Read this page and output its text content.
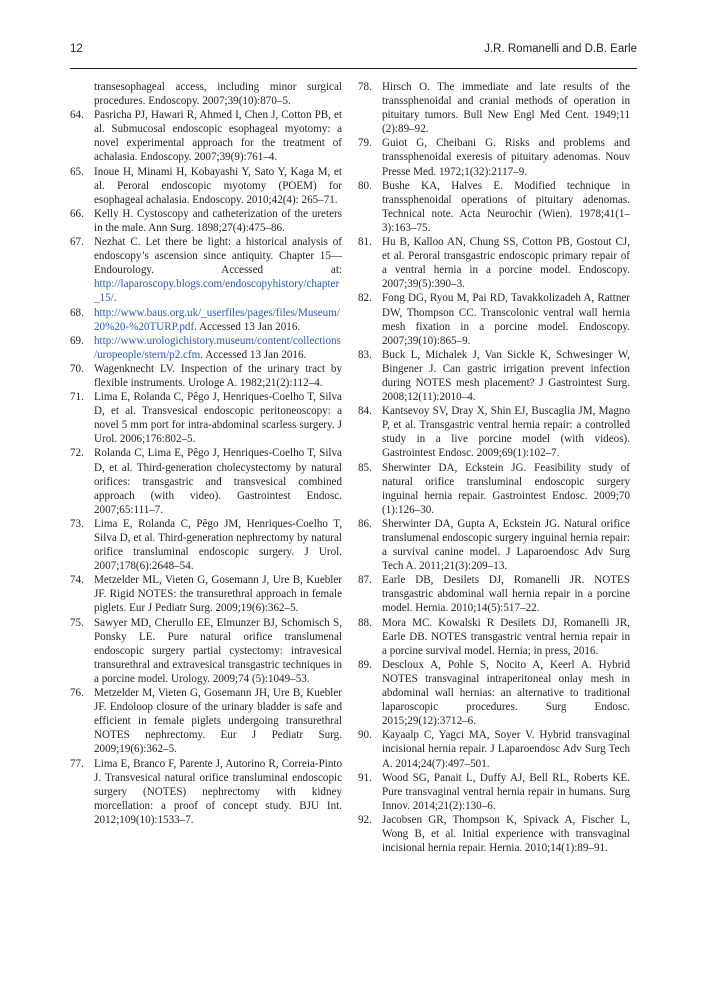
12	J.R. Romanelli and D.B. Earle
transesophageal access, including minor surgical procedures. Endoscopy. 2007;39(10):870–5.
64. Pasricha PJ, Hawari R, Ahmed I, Chen J, Cotton PB, et al. Submucosal endoscopic esophageal myotomy: a novel experimental approach for the treatment of achalasia. Endoscopy. 2007;39(9):761–4.
65. Inoue H, Minami H, Kobayashi Y, Sato Y, Kaga M, et al. Peroral endoscopic myotomy (POEM) for esophageal achalasia. Endoscopy. 2010;42(4): 265–71.
66. Kelly H. Cystoscopy and catheterization of the ureters in the male. Ann Surg. 1898;27(4):475–86.
67. Nezhat C. Let there be light: a historical analysis of endoscopy’s ascension since antiquity. Chapter 15—Endourology. Accessed at: http://laparoscopy.blogs.com/endoscopyhistory/chapter_15/.
68. http://www.baus.org.uk/_userfiles/pages/files/Museum/20%20-%20TURP.pdf. Accessed 13 Jan 2016.
69. http://www.urologichistory.museum/content/collections/uropeople/stern/p2.cfm. Accessed 13 Jan 2016.
70. Wagenknecht LV. Inspection of the urinary tract by flexible instruments. Urologe A. 1982;21(2):112–4.
71. Lima E, Rolanda C, Pêgo J, Henriques-Coelho T, Silva D, et al. Transvesical endoscopic peritoneoscopy: a novel 5 mm port for intra-abdominal scarless surgery. J Urol. 2006;176:802–5.
72. Rolanda C, Lima E, Pêgo J, Henriques-Coelho T, Silva D, et al. Third-generation cholecystectomy by natural orifices: transgastric and transvesical combined approach (with video). Gastrointest Endosc. 2007;65:111–7.
73. Lima E, Rolanda C, Pêgo JM, Henriques-Coelho T, Silva D, et al. Third-generation nephrectomy by natural orifice transluminal endoscopic surgery. J Urol. 2007;178(6):2648–54.
74. Metzelder ML, Vieten G, Gosemann J, Ure B, Kuebler JF. Rigid NOTES: the transurethral approach in female piglets. Eur J Pediatr Surg. 2009;19(6):362–5.
75. Sawyer MD, Cherullo EE, Elmunzer BJ, Schomisch S, Ponsky LE. Pure natural orifice translumenal endoscopic surgery partial cystectomy: intravesical transurethral and extravesical transgastric techniques in a porcine model. Urology. 2009;74 (5):1049–53.
76. Metzelder M, Vieten G, Gosemann JH, Ure B, Kuebler JF. Endoloop closure of the urinary bladder is safe and efficient in female piglets undergoing transurethral NOTES nephrectomy. Eur J Pediatr Surg. 2009;19(6):362–5.
77. Lima E, Branco F, Parente J, Autorino R, Correia-Pinto J. Transvesical natural orifice transluminal endoscopic surgery (NOTES) nephrectomy with kidney morcellation: a proof of concept study. BJU Int. 2012;109(10):1533–7.
78. Hirsch O. The immediate and late results of the transsphenoidal and cranial methods of operation in pituitary tumors. Bull New Engl Med Cent. 1949;11 (2):89–92.
79. Guiot G, Cheibani G. Risks and problems and transsphenoidal exeresis of pituitary adenomas. Nouv Presse Med. 1972;1(32):2117–9.
80. Bushe KA, Halves E. Modified technique in transsphenoidal operations of pituitary adenomas. Technical note. Acta Neurochir (Wien). 1978;41(1–3):163–75.
81. Hu B, Kalloo AN, Chung SS, Cotton PB, Gostout CJ, et al. Peroral transgastric endoscopic primary repair of a ventral hernia in a porcine model. Endoscopy. 2007;39(5):390–3.
82. Fong DG, Ryou M, Pai RD, Tavakkolizadeh A, Rattner DW, Thompson CC. Transcolonic ventral wall hernia mesh fixation in a porcine model. Endoscopy. 2007;39(10):865–9.
83. Buck L, Michalek J, Van Sickle K, Schwesinger W, Bingener J. Can gastric irrigation prevent infection during NOTES mesh placement? J Gastrointest Surg. 2008;12(11):2010–4.
84. Kantsevoy SV, Dray X, Shin EJ, Buscaglia JM, Magno P, et al. Transgastric ventral hernia repair: a controlled study in a live porcine model (with videos). Gastrointest Endosc. 2009;69(1):102–7.
85. Sherwinter DA, Eckstein JG. Feasibility study of natural orifice transluminal endoscopic surgery inguinal hernia repair. Gastrointest Endosc. 2009;70 (1):126–30.
86. Sherwinter DA, Gupta A, Eckstein JG. Natural orifice translumenal endoscopic surgery inguinal hernia repair: a survival canine model. J Laparoendosc Adv Surg Tech A. 2011;21(3):209–13.
87. Earle DB, Desilets DJ, Romanelli JR. NOTES transgastric abdominal wall hernia repair in a porcine model. Hernia. 2010;14(5):517–22.
88. Mora MC. Kowalski R Desilets DJ, Romanelli JR, Earle DB. NOTES transgastric ventral hernia repair in a porcine survival model. Hernia; in press, 2016.
89. Descloux A, Pohle S, Nocito A, Keerl A. Hybrid NOTES transvaginal intraperitoneal onlay mesh in abdominal wall hernias: an alternative to traditional laparoscopic procedures. Surg Endosc. 2015;29(12):3712–6.
90. Kayaalp C, Yagci MA, Soyer V. Hybrid transvaginal incisional hernia repair. J Laparoendosc Adv Surg Tech A. 2014;24(7):497–501.
91. Wood SG, Panait L, Duffy AJ, Bell RL, Roberts KE. Pure transvaginal ventral hernia repair in humans. Surg Innov. 2014;21(2):130–6.
92. Jacobsen GR, Thompson K, Spivack A, Fischer L, Wong B, et al. Initial experience with transvaginal incisional hernia repair. Hernia. 2010;14(1):89–91.
